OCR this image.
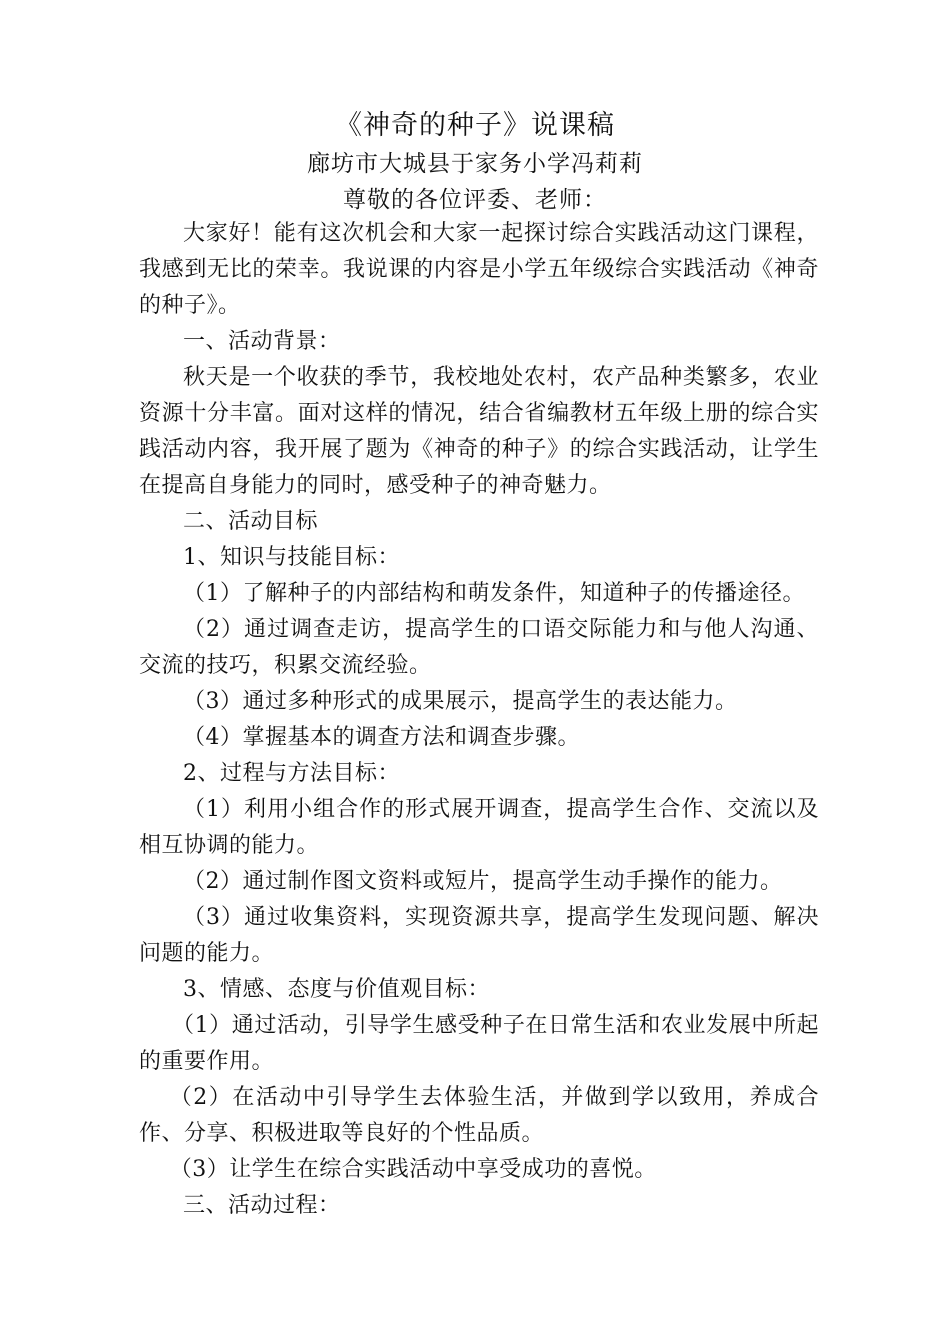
《神奇的种子》说课稿
廊坊市大城县于家务小学冯莉莉
尊敬的各位评委、老师：

大家好！能有这次机会和大家一起探讨综合实践活动这门课程，我感到无比的荣幸。我说课的内容是小学五年级综合实践活动《神奇的种子》。

一、活动背景：

秋天是一个收获的季节，我校地处农村，农产品种类繁多，农业资源十分丰富。面对这样的情况，结合省编教材五年级上册的综合实践活动内容，我开展了题为《神奇的种子》的综合实践活动，让学生在提高自身能力的同时，感受种子的神奇魅力。

二、活动目标

1、知识与技能目标：

（1）了解种子的内部结构和萌发条件，知道种子的传播途径。

（2）通过调查走访，提高学生的口语交际能力和与他人沟通、交流的技巧，积累交流经验。

（3）通过多种形式的成果展示，提高学生的表达能力。

（4）掌握基本的调查方法和调查步骤。

2、过程与方法目标：

（1）利用小组合作的形式展开调查，提高学生合作、交流以及相互协调的能力。

（2）通过制作图文资料或短片，提高学生动手操作的能力。

（3）通过收集资料，实现资源共享，提高学生发现问题、解决问题的能力。

3、情感、态度与价值观目标：

（1）通过活动，引导学生感受种子在日常生活和农业发展中所起的重要作用。

（2）在活动中引导学生去体验生活，并做到学以致用，养成合作、分享、积极进取等良好的个性品质。

（3）让学生在综合实践活动中享受成功的喜悦。

三、活动过程：
